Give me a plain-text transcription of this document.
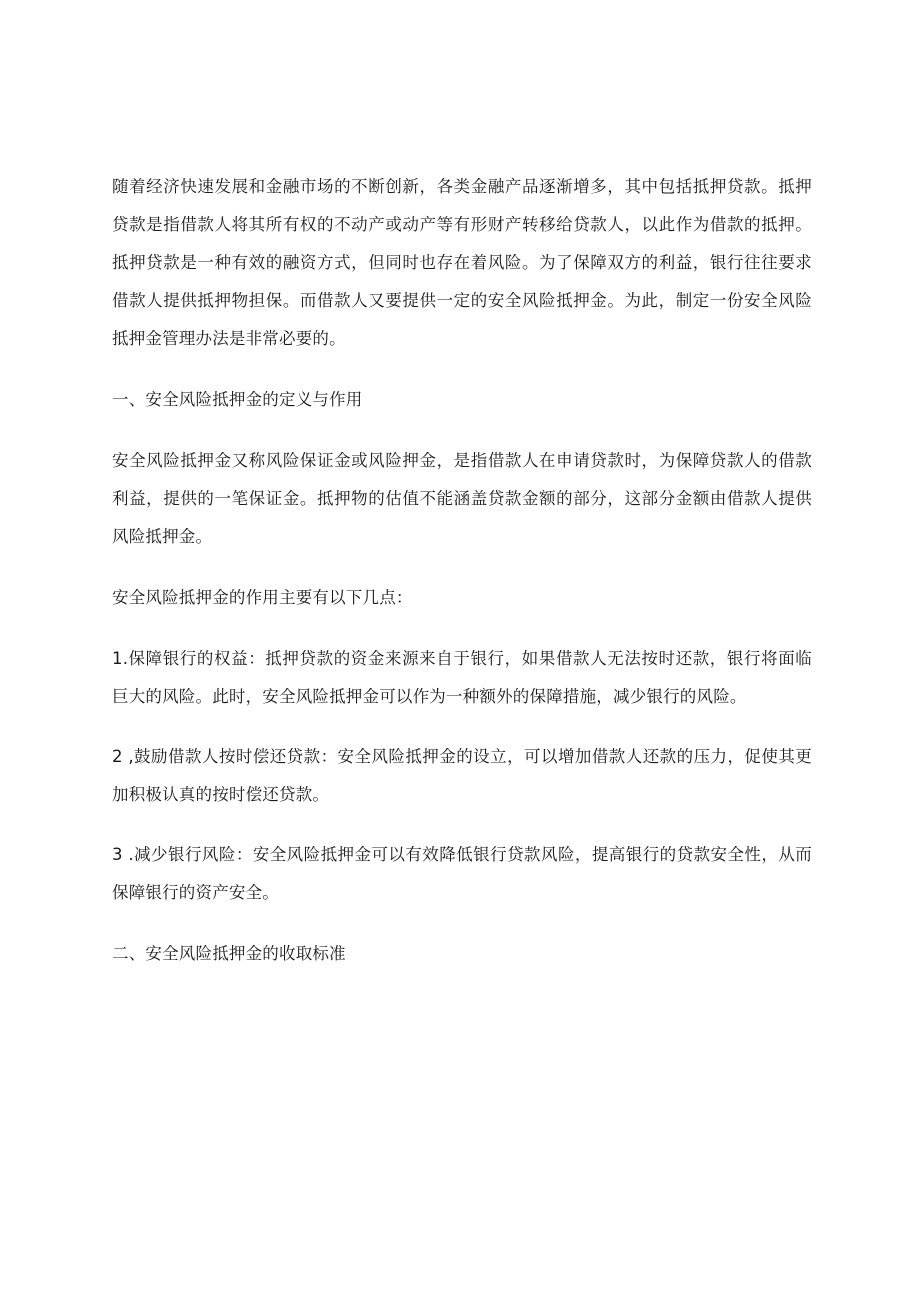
随着经济快速发展和金融市场的不断创新，各类金融产品逐渐增多，其中包括抵押贷款。抵押贷款是指借款人将其所有权的不动产或动产等有形财产转移给贷款人，以此作为借款的抵押。抵押贷款是一种有效的融资方式，但同时也存在着风险。为了保障双方的利益，银行往往要求借款人提供抵押物担保。而借款人又要提供一定的安全风险抵押金。为此，制定一份安全风险抵押金管理办法是非常必要的。

一、安全风险抵押金的定义与作用

安全风险抵押金又称风险保证金或风险押金，是指借款人在申请贷款时，为保障贷款人的借款利益，提供的一笔保证金。抵押物的估值不能涵盖贷款金额的部分，这部分金额由借款人提供风险抵押金。

安全风险抵押金的作用主要有以下几点：

1.保障银行的权益：抵押贷款的资金来源来自于银行，如果借款人无法按时还款，银行将面临巨大的风险。此时，安全风险抵押金可以作为一种额外的保障措施，减少银行的风险。

2 ,鼓励借款人按时偿还贷款：安全风险抵押金的设立，可以增加借款人还款的压力，促使其更加积极认真的按时偿还贷款。

3 .减少银行风险：安全风险抵押金可以有效降低银行贷款风险，提高银行的贷款安全性，从而保障银行的资产安全。

二、安全风险抵押金的收取标准
